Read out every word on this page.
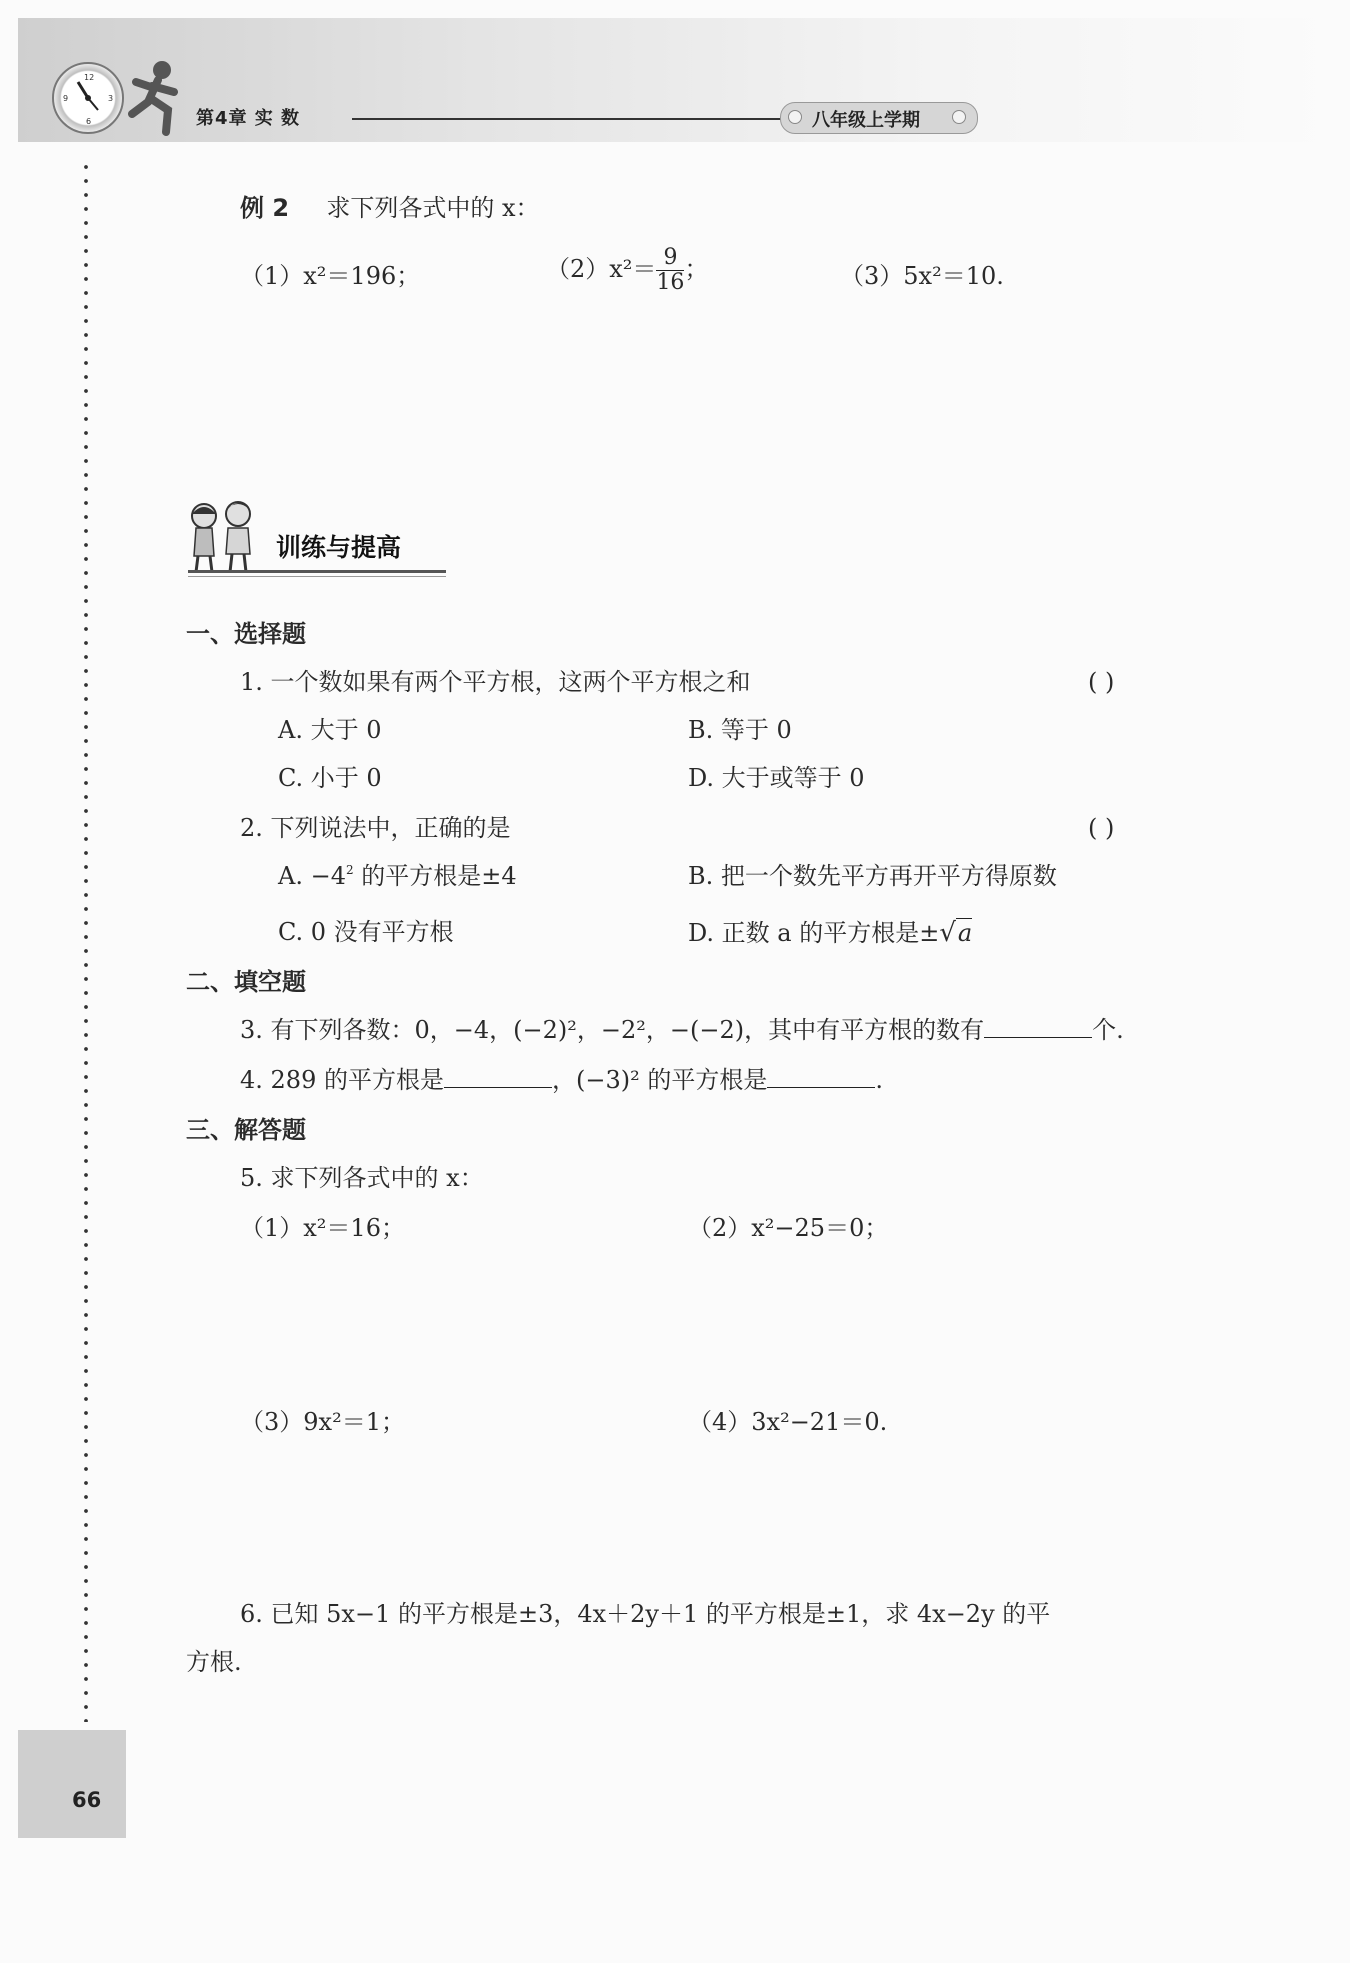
12
3
6
9
第4章 实 数	八年级上学期
例 2 求下列各式中的 x：
（1）x²＝196；	$(2)x^2= \frac{9}{16}$ ；	（3）5x²＝10.
训练与提高
一、选择题
1. 一个数如果有两个平方根，这两个平方根之和	( )
A. 大于 0	B. 等于 0
C. 小于 0	D. 大于或等于 0
2. 下列说法中，正确的是	( )
A. $-4^2$ 的平方根是±4	B. 把一个数先平方再开平方得原数
C. 0 没有平方根	D. 正数 a 的平方根是±√a
二、填空题
3. 有下列各数：0，−4，(−2)²，−2²，−(−2)，其中有平方根的数有	个.
4. 289 的平方根是	，(−3)² 的平方根是	.
三、解答题
5. 求下列各式中的 x：
（1）x²＝16；	（2）x²−25＝0；
（3）9x²＝1；	（4）3x²−21＝0.
6. 已知 5x−1 的平方根是±3，4x＋2y＋1 的平方根是±1，求 4x−2y 的平
方根.
66
